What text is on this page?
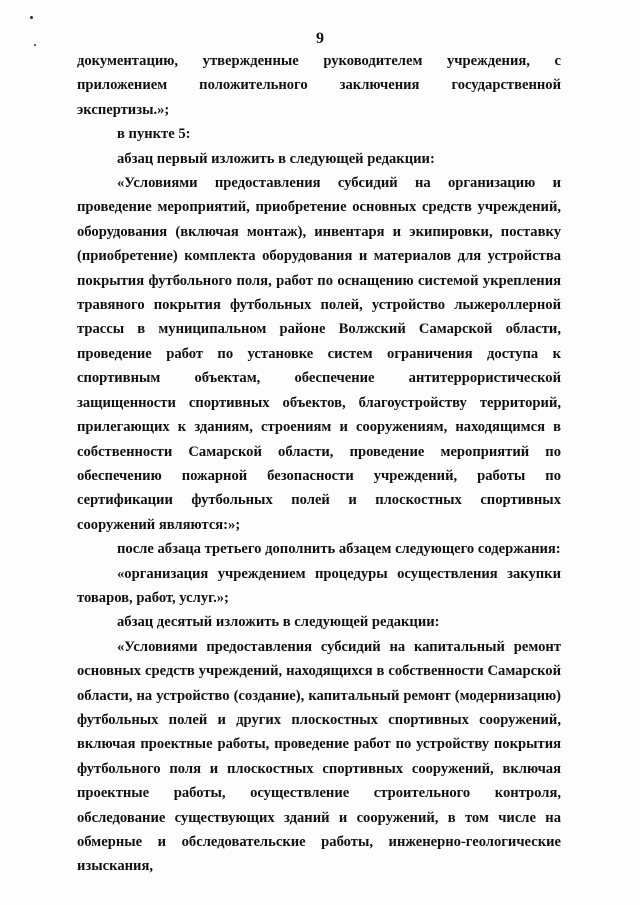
9

документацию, утвержденные руководителем учреждения, с приложением положительного заключения государственной экспертизы.»;

в пункте 5:

абзац первый изложить в следующей редакции:

«Условиями предоставления субсидий на организацию и проведение мероприятий, приобретение основных средств учреждений, оборудования (включая монтаж), инвентаря и экипировки, поставку (приобретение) комплекта оборудования и материалов для устройства покрытия футбольного поля, работ по оснащению системой укрепления травяного покрытия футбольных полей, устройство лыжероллерной трассы в муниципальном районе Волжский Самарской области, проведение работ по установке систем ограничения доступа к спортивным объектам, обеспечение антитеррористической защищенности спортивных объектов, благоустройству территорий, прилегающих к зданиям, строениям и сооружениям, находящимся в собственности Самарской области, проведение мероприятий по обеспечению пожарной безопасности учреждений, работы по сертификации футбольных полей и плоскостных спортивных сооружений являются:»;

после абзаца третьего дополнить абзацем следующего содержания:

«организация учреждением процедуры осуществления закупки товаров, работ, услуг.»;

абзац десятый изложить в следующей редакции:

«Условиями предоставления субсидий на капитальный ремонт основных средств учреждений, находящихся в собственности Самарской области, на устройство (создание), капитальный ремонт (модернизацию) футбольных полей и других плоскостных спортивных сооружений, включая проектные работы, проведение работ по устройству покрытия футбольного поля и плоскостных спортивных сооружений, включая проектные работы, осуществление строительного контроля, обследование существующих зданий и сооружений, в том числе на обмерные и обследовательские работы, инженерно-геологические изыскания,
